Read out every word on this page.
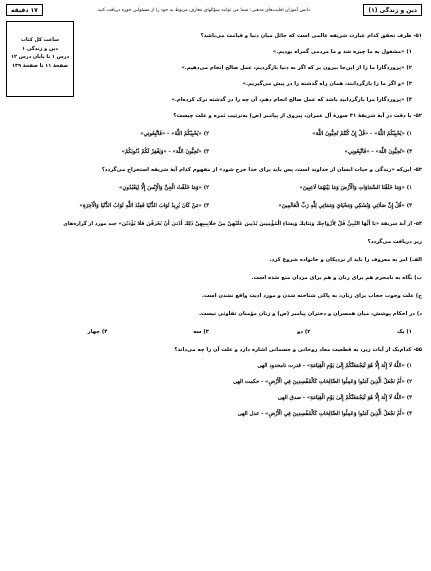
دین و زندگی (۱)
دانش آموزان اقلیت‌های مذهبی: شما می توانید سؤالهای معارف مربوط به خود را از مسئولین حوزه دریافت کنید.
۱۷ دقیقه
ساعت کل کتاب
دین و زندگی ۱
درس ۱ تا پایان درس ۱۲
صفحهٔ ۱۱ تا صفحهٔ ۱۳۹
۵۱- ظرف تحقق کدام عبارت شریفه عالمی است که حائل میان دنیا و قیامت می‌باشد؟
۱) «مشغول به ما چیزه شد و ما مردمی گمراه بودیم.»
۲) «پروردگارا ما را از این‌جا بیرون بر که اگر به دنیا بازگردیم، عمل صالح انجام می‌دهیم.»
۳) «و اگر ما را بازگردانند، همان راه گذشته را در پیش می‌گیریم.»
۴) «پروردگارا مرا بازگردانید باشد که عمل صالح انجام دهم، آن چه را در گذشته ترک کرده‌ام.»
۵۲- با دقت در آیهٔ شریفهٔ ۳۱ سورهٔ آل عمران، پیروی از پیامبر (ص) به‌ترتیب ثمره و علت چیست؟
۱) «يُحْبِبْكُمُ اللَّهُ» - «قُلْ إِنْ كُنْتُمْ تُحِبُّونَ اللَّهَ»
۲) «يُحْبِبْكُمُ اللَّهُ» - «فَاتَّبِعُونِي»
۳) «تُحِبُّونَ اللَّهَ» - «فَاتَّبِعُونِي»
۴) «تُحِبُّونَ اللَّهَ» - «وَيَغْفِرْ لَكُمْ ذُنُوبَكُمْ»
۵۳- این‌که «زندگی و حیات انسان از خداوند است، پس باید برای خدا خرج شود» از مفهوم کدام آیهٔ شریفه استخراج می‌گردد؟
۱) «وَمَا خَلَقْنَا السَّمَاوَاتِ وَالْأَرْضَ وَمَا بَيْنَهُمَا لَاعِبِينَ»
۲) «وَمَا خَلَقْتُ الْجِنَّ وَالْإِنْسَ إِلَّا لِيَعْبُدُونِ»
۳) «قُلْ إِنَّ صَلَاتِي وَنُسُكِي وَمَحْيَايَ وَمَمَاتِي لِلَّهِ رَبِّ الْعَالَمِينَ»
۴) «مَنْ كَانَ يُرِيدُ ثَوَابَ الدُّنْيَا فَعِنْدَ اللَّهِ ثَوَابُ الدُّنْيَا وَالْآخِرَةِ»
۵۴- از آیهٔ شریفهٔ «يَا أَيُّهَا النَّبِيُّ قُلْ لِأَزْوَاجِكَ وَبَنَاتِكَ وَنِسَاءِ الْمُؤْمِنِينَ يُدْنِينَ عَلَيْهِنَّ مِنْ جَلَابِيبِهِنَّ ذَٰلِكَ أَدْنَىٰ أَنْ يُعْرَفْنَ فَلَا يُؤْذَيْنَ» چند مورد از گزاره‌های
زیر دریافت می‌گردد؟
الف) امر به معروف را باید از نزدیکان و خانواده شروع کرد.
ب) نگاه به نامحرم هم برای زنان و هم برای مردان منع شده است.
ج) علت وجوب حجاب برای زنان، به پاکی شناخته شدن و مورد اذیت واقع نشدن است.
د) در احکام پوشش، میان همسران و دختران پیامبر (ص) و زنان مؤمنان تفاوتی نیست.
۱) یک
۲) دو
۳) سه
۴) چهار
۵۵- کدام‌یک از آیات زیر، به قطعیت معاد روحانی و جسمانی اشاره دارد و علت آن را چه می‌داند؟
۱) «اللَّهُ لَا إِلَٰهَ إِلَّا هُوَ لَيَجْمَعَنَّكُمْ إِلَىٰ يَوْمِ الْقِيَامَةِ» - قدرت نامحدود الهی
۲) «أَمْ نَجْعَلُ الَّذِينَ آمَنُوا وَعَمِلُوا الصَّالِحَاتِ كَالْمُفْسِدِينَ فِي الْأَرْضِ» - حکمت الهی
۳) «اللَّهُ لَا إِلَٰهَ إِلَّا هُوَ لَيَجْمَعَنَّكُمْ إِلَىٰ يَوْمِ الْقِيَامَةِ» - صدق الهی
۴) «أَمْ نَجْعَلُ الَّذِينَ آمَنُوا وَعَمِلُوا الصَّالِحَاتِ كَالْمُفْسِدِينَ فِي الْأَرْضِ» - عدل الهی
